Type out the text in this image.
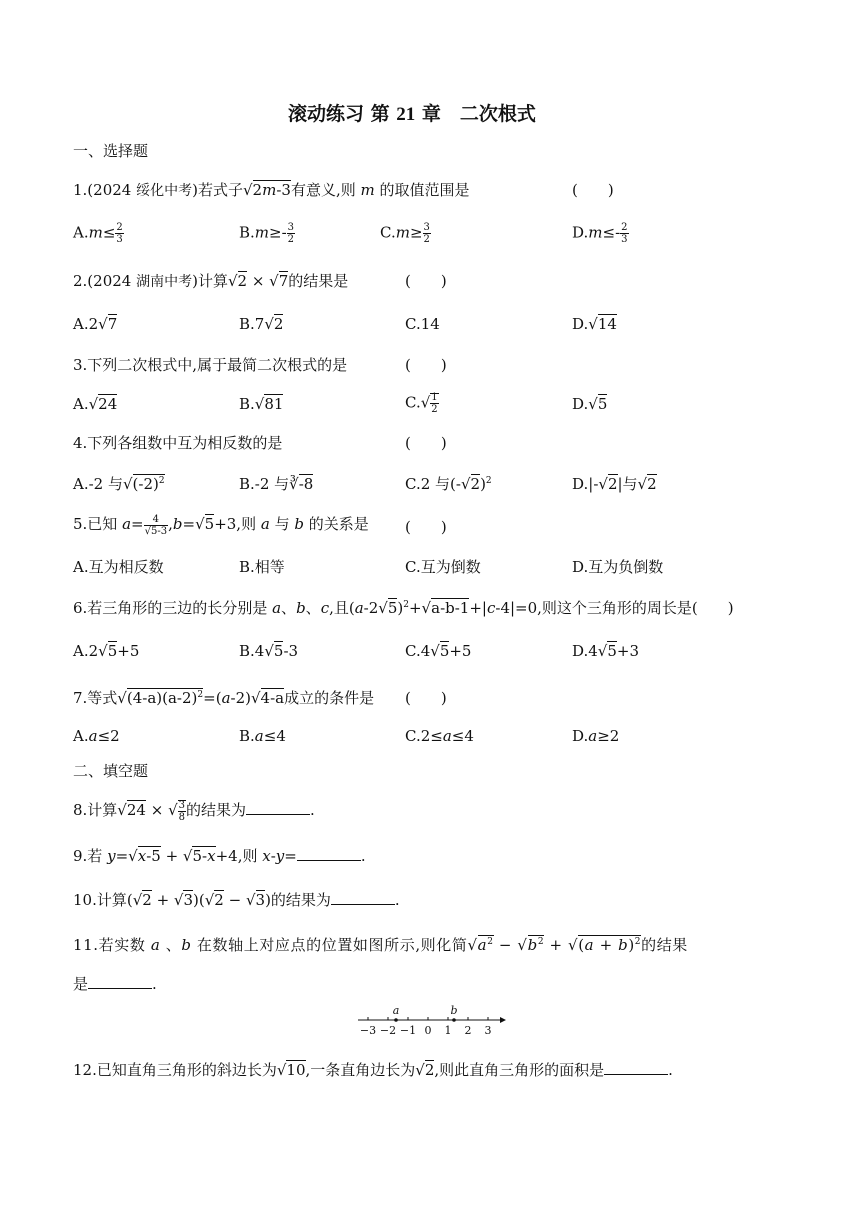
滚动练习 第 21 章　二次根式
一、选择题
1.(2024 绥化中考)若式子√2m-3有意义,则 m 的取值范围是	(　　)
$A.m\le \frac{2}{3}$	$B.m\ge- \frac{3}{2}$	$C.m\ge \frac{3}{2}$	$D.m\le- \frac{2}{3}$
2.(2024 湖南中考)计算√2 × √7的结果是	(　　)
A.2√7	B.7√2	C.14	D.√14
3.下列二次根式中,属于最简二次根式的是	(　　)
A.√24	B.√81	$C.√ \frac{1}{2}$	D.√5
4.下列各组数中互为相反数的是	(　　)
A.-2 与$√(-2)^2$	B.-2 与∛-8	C.2 与$(-√2)^2$	D.|-√2|与√2
5.已知 $a= \frac{4}{√5-3} ,b=√5+3$,则 a 与 b 的关系是 (　　)
A.互为相反数	B.相等	C.互为倒数	D.互为负倒数
6.若三角形的三边的长分别是 a、b、c,且$(a-2√5)^2+√a-b-1+|c-4|=0$,则这个三角形的周长是(　　)
A.2√5+5	B.4√5-3	C.4√5+5	D.4√5+3
7.等式$√(4-a)(a-2)^2=(a-2)√4-a$成立的条件是 (　　)
A.a≤2	B.a≤4	C.2≤a≤4	D.a≥2
二、填空题
8.计算√24 × √ $\frac{3}{8}$ 的结果为	.
9.若 y=√x-5 + √5-x+4,则 x-y=	.
10.计算(√2 + √3)(√2 − √3)的结果为	.
11.若实数 a 、b 在数轴上对应点的位置如图所示,则化简$√a^2 - √b^2 + √(a + b)^2$的结果
是	.
−3 −2 −1 0 1 2 3
a	b
12.已知直角三角形的斜边长为√10,一条直角边长为√2,则此直角三角形的面积是	.
